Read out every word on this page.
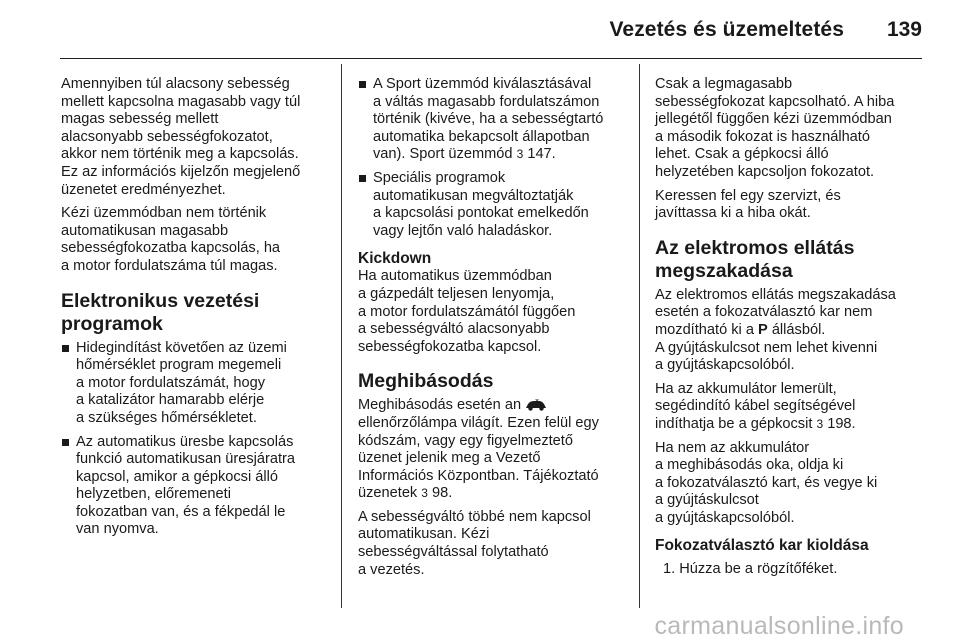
Vezetés és üzemeltetés 139

Amennyiben túl alacsony sebesség
mellett kapcsolna magasabb vagy túl
magas sebesség mellett
alacsonyabb sebességfokozatot,
akkor nem történik meg a kapcsolás.
Ez az információs kijelzőn megjelenő
üzenetet eredményezhet.

Kézi üzemmódban nem történik
automatikusan magasabb
sebességfokozatba kapcsolás, ha
a motor fordulatszáma túl magas.

Elektronikus vezetési
programok
Hidegindítást követően az üzemi
hőmérséklet program megemeli
a motor fordulatszámát, hogy
a katalizátor hamarabb elérje
a szükséges hőmérsékletet.
Az automatikus üresbe kapcsolás
funkció automatikusan üresjáratra
kapcsol, amikor a gépkocsi álló
helyzetben, előremeneti
fokozatban van, és a fékpedál le
van nyomva.
A Sport üzemmód kiválasztásával
a váltás magasabb fordulatszámon
történik (kivéve, ha a sebességtartó
automatika bekapcsolt állapotban
van). Sport üzemmód 3 147.
Speciális programok
automatikusan megváltoztatják
a kapcsolási pontokat emelkedőn
vagy lejtőn való haladáskor.
Kickdown

Ha automatikus üzemmódban
a gázpedált teljesen lenyomja,
a motor fordulatszámától függően
a sebességváltó alacsonyabb
sebességfokozatba kapcsol.

Meghibásodás

Meghibásodás esetén an
ellenőrzőlámpa világít. Ezen felül egy
kódszám, vagy egy figyelmeztető
üzenet jelenik meg a Vezető
Információs Központban. Tájékoztató
üzenetek 3 98.

A sebességváltó többé nem kapcsol
automatikusan. Kézi
sebességváltással folytatható
a vezetés.

Csak a legmagasabb
sebességfokozat kapcsolható. A hiba
jellegétől függően kézi üzemmódban
a második fokozat is használható
lehet. Csak a gépkocsi álló
helyzetében kapcsoljon fokozatot.

Keressen fel egy szervizt, és
javíttassa ki a hiba okát.

Az elektromos ellátás
megszakadása

Az elektromos ellátás megszakadása
esetén a fokozatválasztó kar nem
mozdítható ki a P állásból.
A gyújtáskulcsot nem lehet kivenni
a gyújtáskapcsolóból.

Ha az akkumulátor lemerült,
segédindító kábel segítségével
indíthatja be a gépkocsit 3 198.

Ha nem az akkumulátor
a meghibásodás oka, oldja ki
a fokozatválasztó kart, és vegye ki
a gyújtáskulcsot
a gyújtáskapcsolóból.

Fokozatválasztó kar kioldása

1. Húzza be a rögzítőféket.

carmanualsonline.info
